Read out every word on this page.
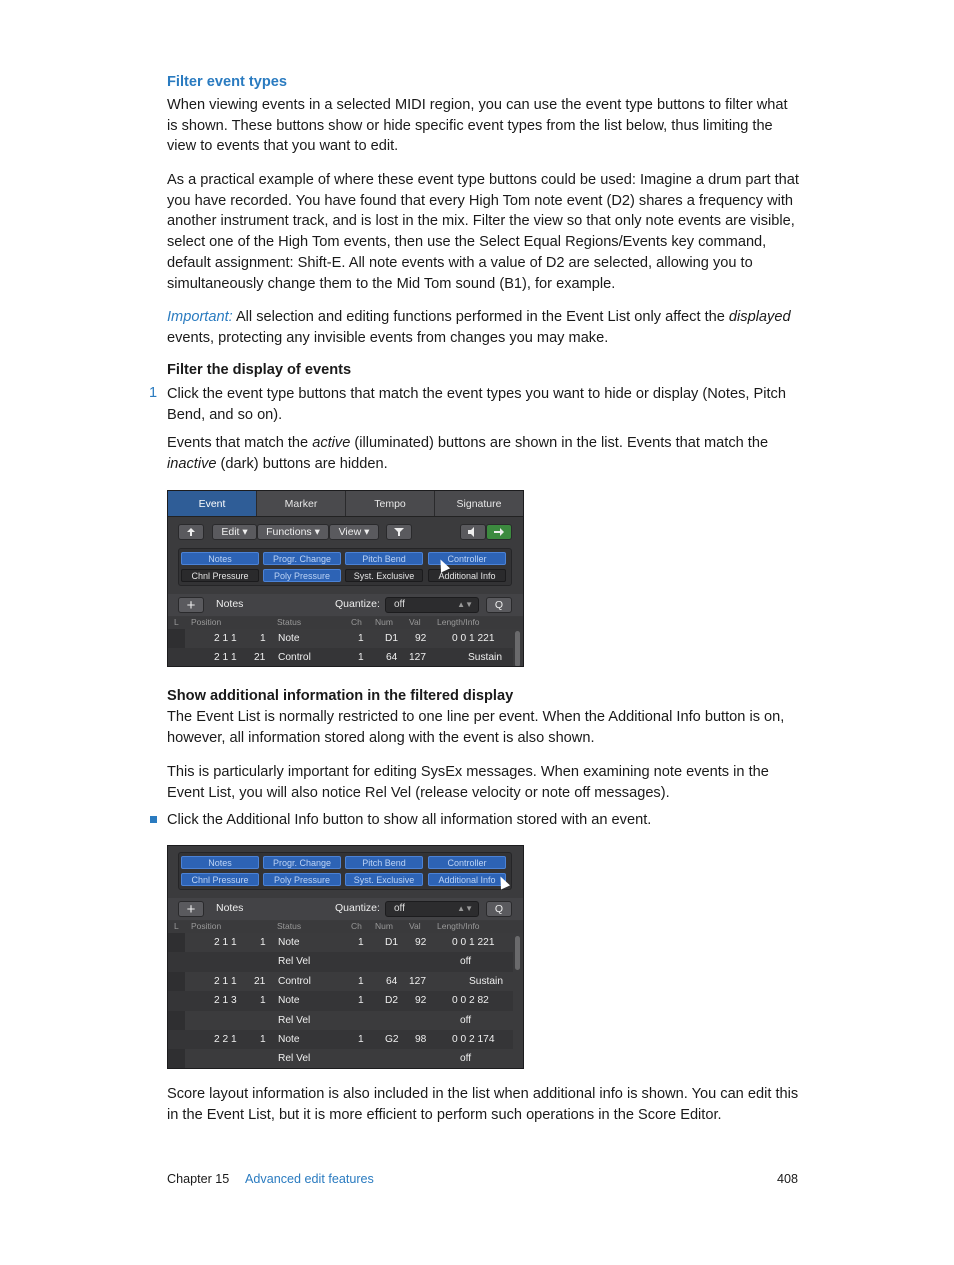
Filter event types

When viewing events in a selected MIDI region, you can use the event type buttons to filter what is shown. These buttons show or hide specific event types from the list below, thus limiting the view to events that you want to edit.

As a practical example of where these event type buttons could be used: Imagine a drum part that you have recorded. You have found that every High Tom note event (D2) shares a frequency with another instrument track, and is lost in the mix. Filter the view so that only note events are visible, select one of the High Tom events, then use the Select Equal Regions/Events key command, default assignment: Shift-E. All note events with a value of D2 are selected, allowing you to simultaneously change them to the Mid Tom sound (B1), for example.

Important: All selection and editing functions performed in the Event List only affect the displayed events, protecting any invisible events from changes you may make.

Filter the display of events
1 Click the event type buttons that match the event types you want to hide or display (Notes, Pitch Bend, and so on).

Events that match the active (illuminated) buttons are shown in the list. Events that match the inactive (dark) buttons are hidden.

Event	Marker	Tempo	Signature
Edit ▾	Functions ▾	View ▾
Notes	Progr. Change	Pitch Bend	Controller
Chnl Pressure	Poly Pressure	Syst. Exclusive	Additional Info
+	Notes	Quantize:	off	▲▼	Q
L Position	Status	Ch Num Val Length/Info
2 1 1 1 Note	1 D1 92	0 0 1 221
2 1 1 21 Control	1 64 127	Sustain
Show additional information in the filtered display

The Event List is normally restricted to one line per event. When the Additional Info button is on, however, all information stored along with the event is also shown.

This is particularly important for editing SysEx messages. When examining note events in the Event List, you will also notice Rel Vel (release velocity or note off messages).

Click the Additional Info button to show all information stored with an event.

Notes	Progr. Change	Pitch Bend	Controller
Chnl Pressure	Poly Pressure	Syst. Exclusive	Additional Info
+	Notes	Quantize:	off	▲▼	Q
L Position	Status	Ch Num Val Length/Info
2 1 1 1 Note	1 D1 92	0 0 1 221
Rel Vel	off
2 1 1 21 Control	1 64 127	Sustain
2 1 3 1 Note	1 D2 92	0 0 2 82
Rel Vel	off
2 2 1 1 Note	1 G2 98	0 0 2 174
Rel Vel	off

Score layout information is also included in the list when additional info is shown. You can edit this in the Event List, but it is more efficient to perform such operations in the Score Editor.

Chapter 15 Advanced edit features	408
